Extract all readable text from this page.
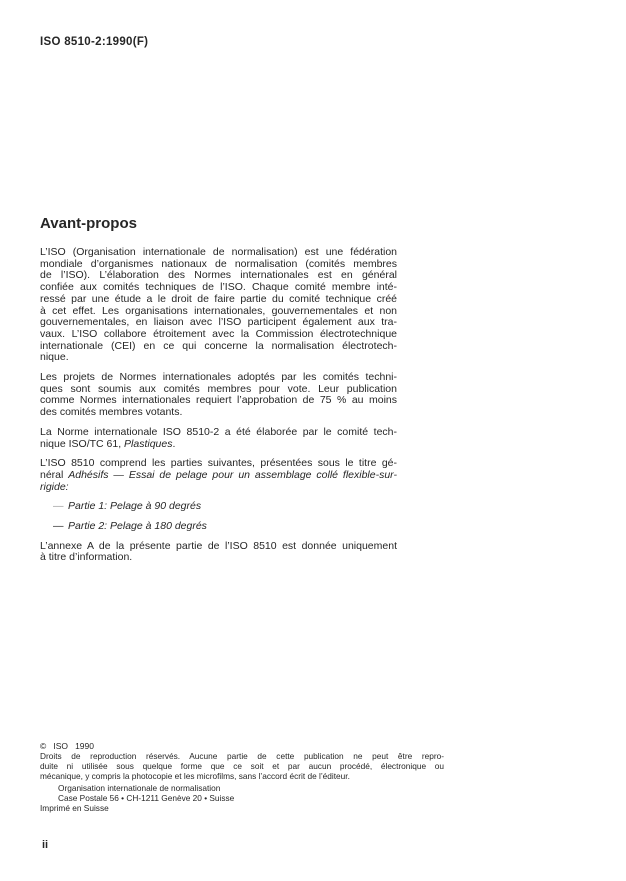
ISO 8510-2:1990(F)
Avant-propos
L’ISO (Organisation internationale de normalisation) est une fédération
mondiale d’organismes nationaux de normalisation (comités membres
de l’ISO). L’élaboration des Normes internationales est en général
confiée aux comités techniques de l’ISO. Chaque comité membre inté-
ressé par une étude a le droit de faire partie du comité technique créé
à cet effet. Les organisations internationales, gouvernementales et non
gouvernementales, en liaison avec l’ISO participent également aux tra-
vaux. L’ISO collabore étroitement avec la Commission électrotechnique
internationale (CEI) en ce qui concerne la normalisation électrotech-
nique.
Les projets de Normes internationales adoptés par les comités techni-
ques sont soumis aux comités membres pour vote. Leur publication
comme Normes internationales requiert l’approbation de 75 % au moins
des comités membres votants.
La Norme internationale ISO 8510-2 a été élaborée par le comité tech-
nique ISO/TC 61, Plastiques.
L’ISO 8510 comprend les parties suivantes, présentées sous le titre gé-
néral Adhésifs — Essai de pelage pour un assemblage collé flexible-sur-
rigide:
— Partie 1: Pelage à 90 degrés
— Partie 2: Pelage à 180 degrés
L’annexe A de la présente partie de l’ISO 8510 est donnée uniquement
à titre d’information.
©   ISO   1990
Droits de reproduction réservés. Aucune partie de cette publication ne peut être repro-
duite ni utilisée sous quelque forme que ce soit et par aucun procédé, électronique ou
mécanique, y compris la photocopie et les microfilms, sans l’accord écrit de l’éditeur.
Organisation internationale de normalisation
Case Postale 56 • CH-1211 Genève 20 • Suisse
Imprimé en Suisse
ii
